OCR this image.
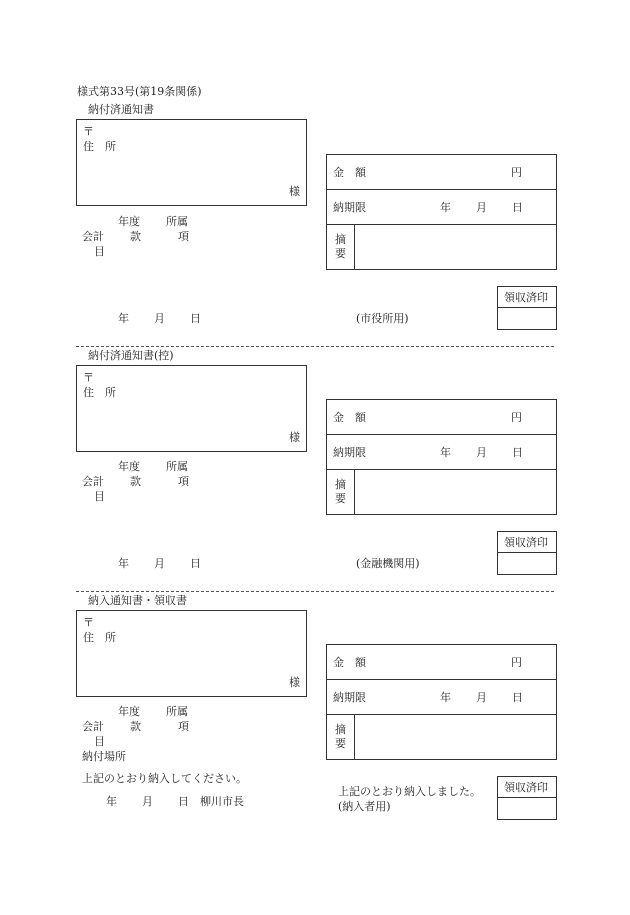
様式第33号(第19条関係)
納付済通知書
〒
住　所
様
年度 所属
会計 款	項
目
金　額	円
納期限	年 月 日
摘
要
年 月 日	(市役所用)
領収済印
納付済通知書(控)
〒
住　所
様
年度 所属
会計 款	項
目
金　額	円
納期限	年 月 日
摘
要
年 月 日	(金融機関用)
領収済印
納入通知書・領収書
〒
住　所
様
年度 所属
会計 款	項
目
納付場所
上記のとおり納入してください。
年 月 日 柳川市長
金　額	円
納期限	年 月 日
摘
要
上記のとおり納入しました。
(納入者用)
領収済印
